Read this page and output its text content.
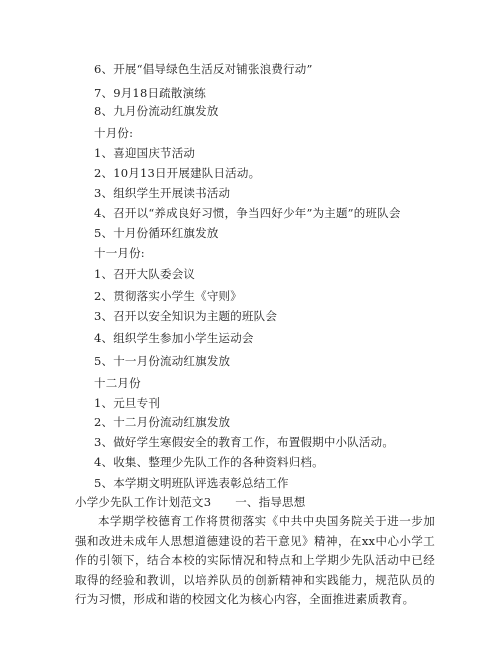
6、开展“倡导绿色生活反对铺张浪费行动”
7、9月18日疏散演练
8、九月份流动红旗发放
十月份:
1、喜迎国庆节活动
2、10月13日开展建队日活动。
3、组织学生开展读书活动
4、召开以“养成良好习惯，争当四好少年”为主题”的班队会
5、十月份循环红旗发放
十一月份:
1、召开大队委会议
2、贯彻落实小学生《守则》
3、召开以安全知识为主题的班队会
4、组织学生参加小学生运动会
5、十一月份流动红旗发放
十二月份
1、元旦专刊
2、十二月份流动红旗发放
3、做好学生寒假安全的教育工作，布置假期中小队活动。
4、收集、整理少先队工作的各种资料归档。
5、本学期文明班队评选表彰总结工作
小学少先队工作计划范文3 一、指导思想
本学期学校德育工作将贯彻落实《中共中央国务院关于进一步加强和改进未成年人思想道德建设的若干意见》精神，在xx中心小学工作的引领下，结合本校的实际情况和特点和上学期少先队活动中已经取得的经验和教训，以培养队员的创新精神和实践能力，规范队员的行为习惯，形成和谐的校园文化为核心内容，全面推进素质教育。
